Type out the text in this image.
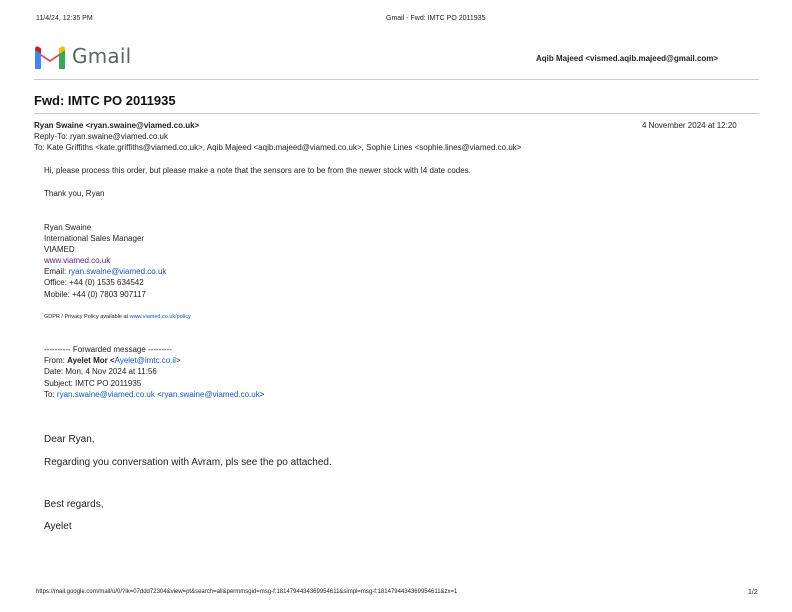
11/4/24, 12:35 PM	Gmail - Fwd: IMTC PO 2011935
Gmail	Aqib Majeed <vismed.aqib.majeed@gmail.com>
Fwd: IMTC PO 2011935
Ryan Swaine <ryan.swaine@viamed.co.uk>	4 November 2024 at 12:20
Reply-To: ryan.swaine@viamed.co.uk
To: Kate Griffiths <kate.griffiths@viamed.co.uk>, Aqib Majeed <aqib.majeed@viamed.co.uk>, Sophie Lines <sophie.lines@viamed.co.uk>
Hi, please process this order, but please make a note that the sensors are to be from the newer stock with I4 date codes.
Thank you, Ryan
Ryan Swaine
International Sales Manager
VIAMED
www.viamed.co.uk
Email: ryan.swaine@viamed.co.uk
Office: +44 (0) 1535 634542
Mobile: +44 (0) 7803 907117
GDPR / Privacy Policy available at www.viamed.co.uk/policy
---------- Forwarded message ---------
From: Ayelet Mor <Ayelet@imtc.co.il>
Date: Mon, 4 Nov 2024 at 11:56
Subject: IMTC PO 2011935
To: ryan.swaine@viamed.co.uk <ryan.swaine@viamed.co.uk>
Dear Ryan,
Regarding you conversation with Avram, pls see the po attached.
Best regards,
Ayelet
https://mail.google.com/mail/u/0/?ik=07ddd72304&view=pt&search=all&permmsgid=msg-f:1814794434369954611&simpl=msg-f:1814794434369954611&zx=1	1/2
